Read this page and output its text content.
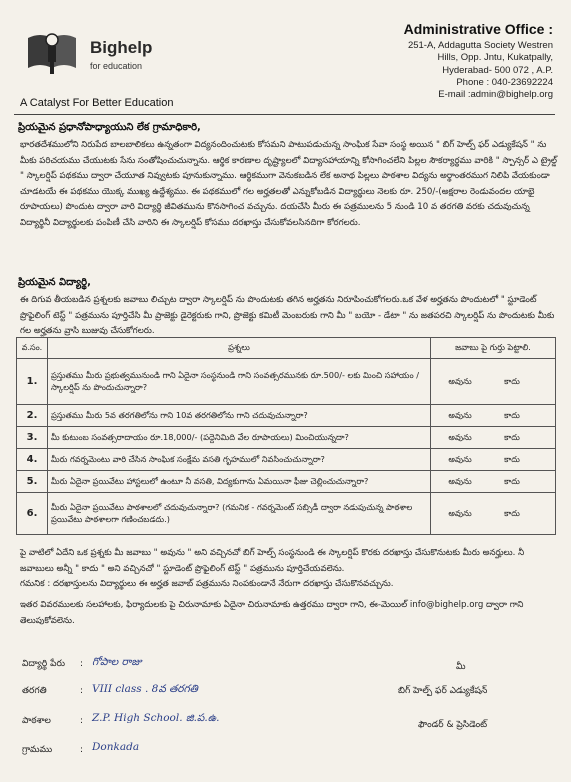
Bighelp
for education
A Catalyst For Better Education
Administrative Office :
251-A, Addagutta Society Westren
Hills, Opp. Jntu, Kukatpally,
Hyderabad- 500 072 , A.P.
Phone : 040-23692224
E-mail :admin@bighelp.org
ప్రియమైన ప్రధానోపాధ్యాయుని లేక గ్రామాధికారి,
భారతదేశములోని నిరుపేద బాలబాలికలు ఉన్నతంగా విద్యనందించుటకు కోసమని పాటుపడుచున్న సాంఘిక సేవా సంస్థ అయిన " బిగ్ హెల్ప్ ఫర్ ఎడ్యుకేషన్ " ను మీకు పరిచయము చేయుటకు సేను సంతోషించుచున్నాను. ఆర్థిక కారణాల దృష్ట్యాలలో విద్యాసహాయాన్ని కోసాగించలేని పిల్లల సౌకర్యార్థము వారికి " స్పాన్సర్ ఎ ట్రైల్డ్ " స్కాలర్షిప్ పథకము ద్వారా చేయూత నివ్వుటకు పూనుకున్నాము. ఆర్థికముగా వెనుకబడిన లేక అనాథ పిల్లలు పాఠశాల విద్యను అర్థాంతరముగ నిలిపి వేయకుండా చూడటయే ఈ పథకము యొక్క ముఖ్య ఉద్దేశ్యము. ఈ పథకములో గల అర్హతలతో ఎన్నుకోబడిన విద్యార్థులు నెలకు రూ. 250/-(అక్షరాల రెండువందల యాభై రూపాయలు) పొందుట ద్వారా వారి విద్యార్థి జీవితమును కొనసాగించ వచ్చును. దయచేసి మీరు ఈ పత్రములను 5 నుండి 10 వ తరగతి వరకు చదువుచున్న విద్యార్థినీ విద్యార్థులకు పంపిణీ చేసి వారిని ఈ స్కాలర్షిప్ కోసము దరఖాస్తు చేసుకోవలసినదిగా కోరగలరు.
ప్రియమైన విద్యార్థి,
ఈ దిగువ తీయబడిన ప్రశ్నలకు జవాబు లిచ్చుట ద్వారా స్కాలర్షిప్ ను పొందుటకు తగిన అర్హతను నిరూపించుకోగలరు.ఒక వేళ అర్హతను పొందుటలో " స్టూడెంట్ ప్రొఫైలింగ్ టెస్ట్ " పత్రమును పూర్తిచేసి మీ ప్రాజెక్టు డైరెక్టరుకు గాని, ప్రొజెక్టు కమిటీ మెంబరుకు గాని మీ " బయో - డేటా " ను జతపరచి స్కాలర్షిప్ ను పొందుటకు మీకు గల అర్హతను వ్రాసి బుజువు చేసుకోగలరు.
వ.సం.	ప్రశ్నలు	జవాబు పై గుర్తు పెట్టాలి.
1.	ప్రస్తుతము మీరు ప్రభుత్వమునుండి గాని ఏదైనా సంస్థనుండి గాని సంవత్సరమునకు రూ.500/- లకు మించి సహాయం / స్కాలర్షిప్ ను పొందుచున్నారా?	అవును కాదు
2.	ప్రస్తుతము మీరు 5వ తరగతిలోను గాని 10వ తరగతిలోను గాని చదువుచున్నారా?	అవును కాదు
3.	మీ కుటుంబ సంవత్సరాదాయం రూ.18,000/- (పద్దెనిమిది వేల రూపాయలు) మించియున్నదా?	అవును కాదు
4.	మీరు గవర్నమెంటు వారి చేసిన సాంఘిక సంక్షేమ వసతి గృహములో నివసించుచున్నారా?	అవును కాదు
5.	మీరు ఏదైనా ప్రయివేటు హాస్టలులో ఉంటూ నీ వసతి, విద్యకుగాను ఏమయినా ఫీజు చెల్లించుచున్నారా?	అవును కాదు
6.	మీరు ఏదైనా ప్రయివేటు పాఠశాలలో చదువుచున్నారా? (గమనిక - గవర్నమెంట్ సబ్సిడీ ద్వారా నడుపుచున్న పాఠశాల ప్రయివేటు పాఠశాలగా గణించబడదు.)	అవును కాదు
పై వాటిలో ఏదేని ఒక ప్రశ్నకు మీ జవాబు " అవును " అని వచ్చినచో బిగ్ హెల్ప్ సంస్థనుండి ఈ స్కాలర్షిప్ కొరకు దరఖాస్తు చేసుకొనుటకు మీరు అనర్హులు. నీ జవాబులు అన్నీ " కాదు " అని వచ్చినచో " స్టూడెంట్ ప్రొఫైలింగ్ టెస్ట్ " పత్రమును పూర్తిచేయవలెను.
గమనిక : దరఖాస్తులను విద్యార్థులు ఈ అర్హత జవాబ్ పత్రమును నింపకుండానే నేరుగా దరఖాస్తు చేసుకొనవచ్చును.
ఇతర వివరములకు సలహాలకు, ఫిర్యాదులకు పై చిరునామాకు ఏదైనా చిరునామాకు ఉత్తరము ద్వారా గాని, ఈ-మెయిల్ info@bighelp.org ద్వారా గాని తెలుపుకోవలెను.
విద్యార్థి పేరు : గోపాల రాజు
తరగతి	: VIII class . 8వ తరగతి
పాఠశాల	: Z.P. High School. జి.ప.ఉ.
గ్రామము	: Donkada
మీ
బిగ్ హెల్ప్ ఫర్ ఎడ్యుకేషన్
ఫౌండర్ & ప్రెసిడెంట్
